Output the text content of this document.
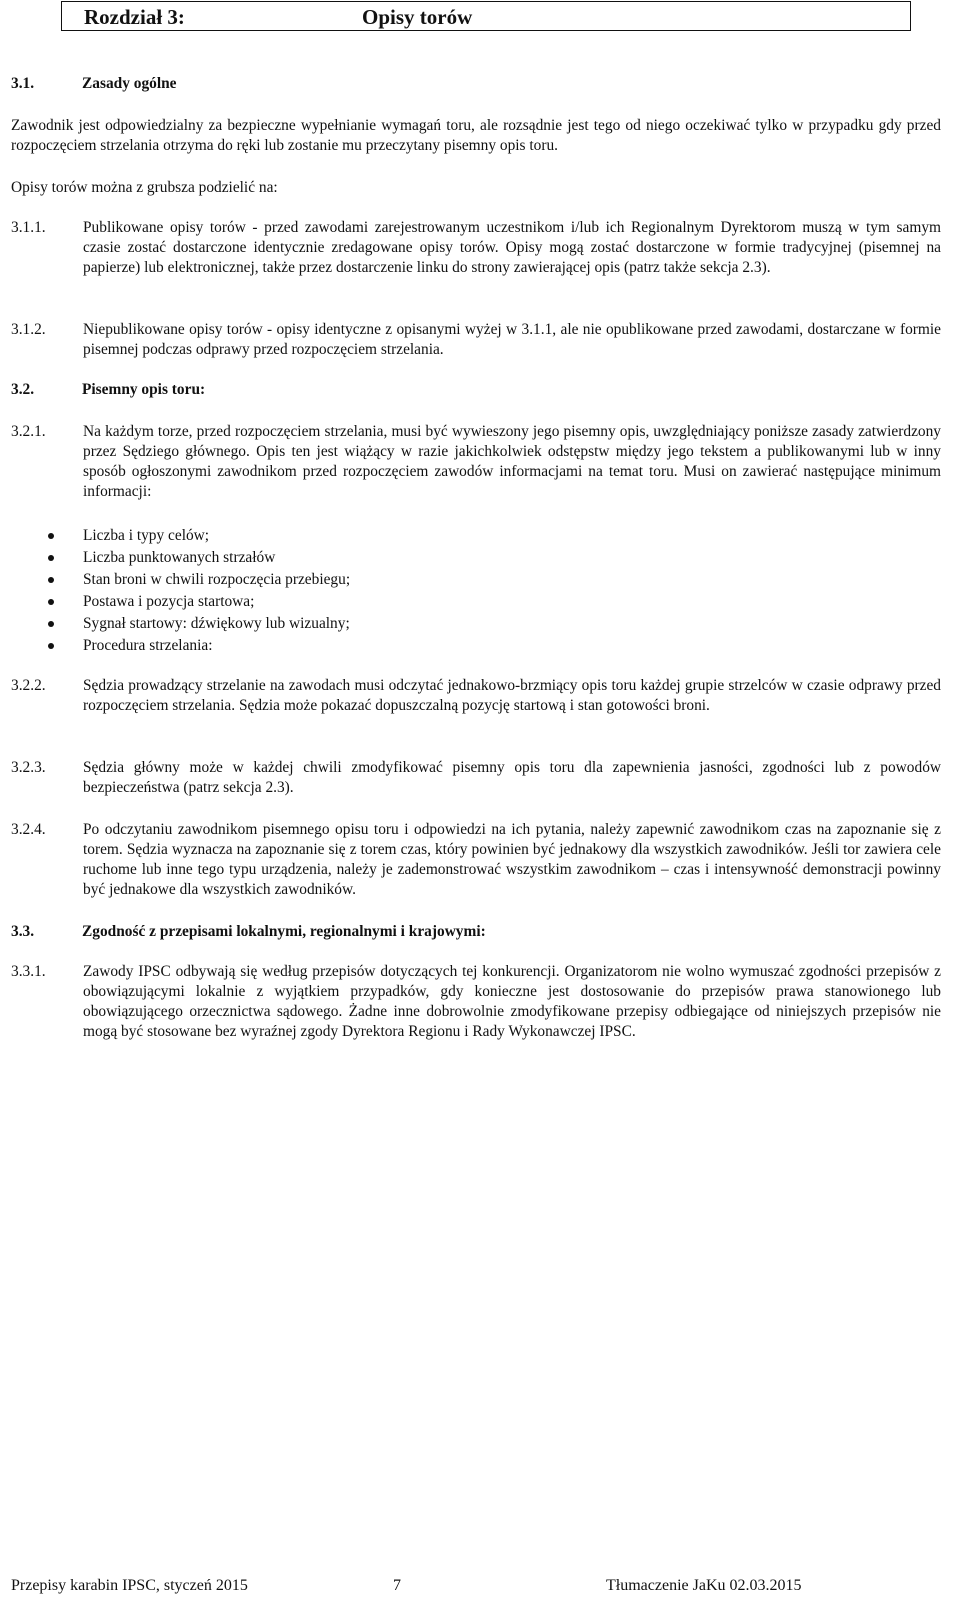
Rozdział 3:	Opisy torów
3.1.	Zasady ogólne
Zawodnik jest odpowiedzialny za bezpieczne wypełnianie wymagań toru, ale rozsądnie jest tego od niego oczekiwać tylko w przypadku gdy przed rozpoczęciem strzelania otrzyma do ręki lub zostanie mu przeczytany pisemny opis toru.
Opisy torów można z grubsza podzielić na:
3.1.1. Publikowane opisy torów - przed zawodami zarejestrowanym uczestnikom i/lub ich Regionalnym Dyrektorom muszą w tym samym czasie zostać dostarczone identycznie zredagowane opisy torów. Opisy mogą zostać dostarczone w formie tradycyjnej (pisemnej na papierze) lub elektronicznej, także przez dostarczenie linku do strony zawierającej opis (patrz także sekcja 2.3).
3.1.2. Niepublikowane opisy torów - opisy identyczne z opisanymi wyżej w 3.1.1, ale nie opublikowane przed zawodami, dostarczane w formie pisemnej podczas odprawy przed rozpoczęciem strzelania.
3.2.	Pisemny opis toru:
3.2.1. Na każdym torze, przed rozpoczęciem strzelania, musi być wywieszony jego pisemny opis, uwzględniający poniższe zasady zatwierdzony przez Sędziego głównego. Opis ten jest wiążący w razie jakichkolwiek odstępstw między jego tekstem a publikowanymi lub w inny sposób ogłoszonymi zawodnikom przed rozpoczęciem zawodów informacjami na temat toru. Musi on zawierać następujące minimum informacji:
Liczba i typy celów;
Liczba punktowanych strzałów
Stan broni w chwili rozpoczęcia przebiegu;
Postawa i pozycja startowa;
Sygnał startowy: dźwiękowy lub wizualny;
Procedura strzelania:
3.2.2. Sędzia prowadzący strzelanie na zawodach musi odczytać jednakowo-brzmiący opis toru każdej grupie strzelców w czasie odprawy przed rozpoczęciem strzelania. Sędzia może pokazać dopuszczalną pozycję startową i stan gotowości broni.
3.2.3. Sędzia główny może w każdej chwili zmodyfikować pisemny opis toru dla zapewnienia jasności, zgodności lub z powodów bezpieczeństwa (patrz sekcja 2.3).
3.2.4. Po odczytaniu zawodnikom pisemnego opisu toru i odpowiedzi na ich pytania, należy zapewnić zawodnikom czas na zapoznanie się z torem. Sędzia wyznacza na zapoznanie się z torem czas, który powinien być jednakowy dla wszystkich zawodników. Jeśli tor zawiera cele ruchome lub inne tego typu urządzenia, należy je zademonstrować wszystkim zawodnikom – czas i intensywność demonstracji powinny być jednakowe dla wszystkich zawodników.
3.3.	Zgodność z przepisami lokalnymi, regionalnymi i krajowymi:
3.3.1. Zawody IPSC odbywają się według przepisów dotyczących tej konkurencji. Organizatorom nie wolno wymuszać zgodności przepisów z obowiązującymi lokalnie z wyjątkiem przypadków, gdy konieczne jest dostosowanie do przepisów prawa stanowionego lub obowiązującego orzecznictwa sądowego. Żadne inne dobrowolnie zmodyfikowane przepisy odbiegające od niniejszych przepisów nie mogą być stosowane bez wyraźnej zgody Dyrektora Regionu i Rady Wykonawczej IPSC.
Przepisy karabin IPSC, styczeń 2015	7	Tłumaczenie JaKu 02.03.2015
